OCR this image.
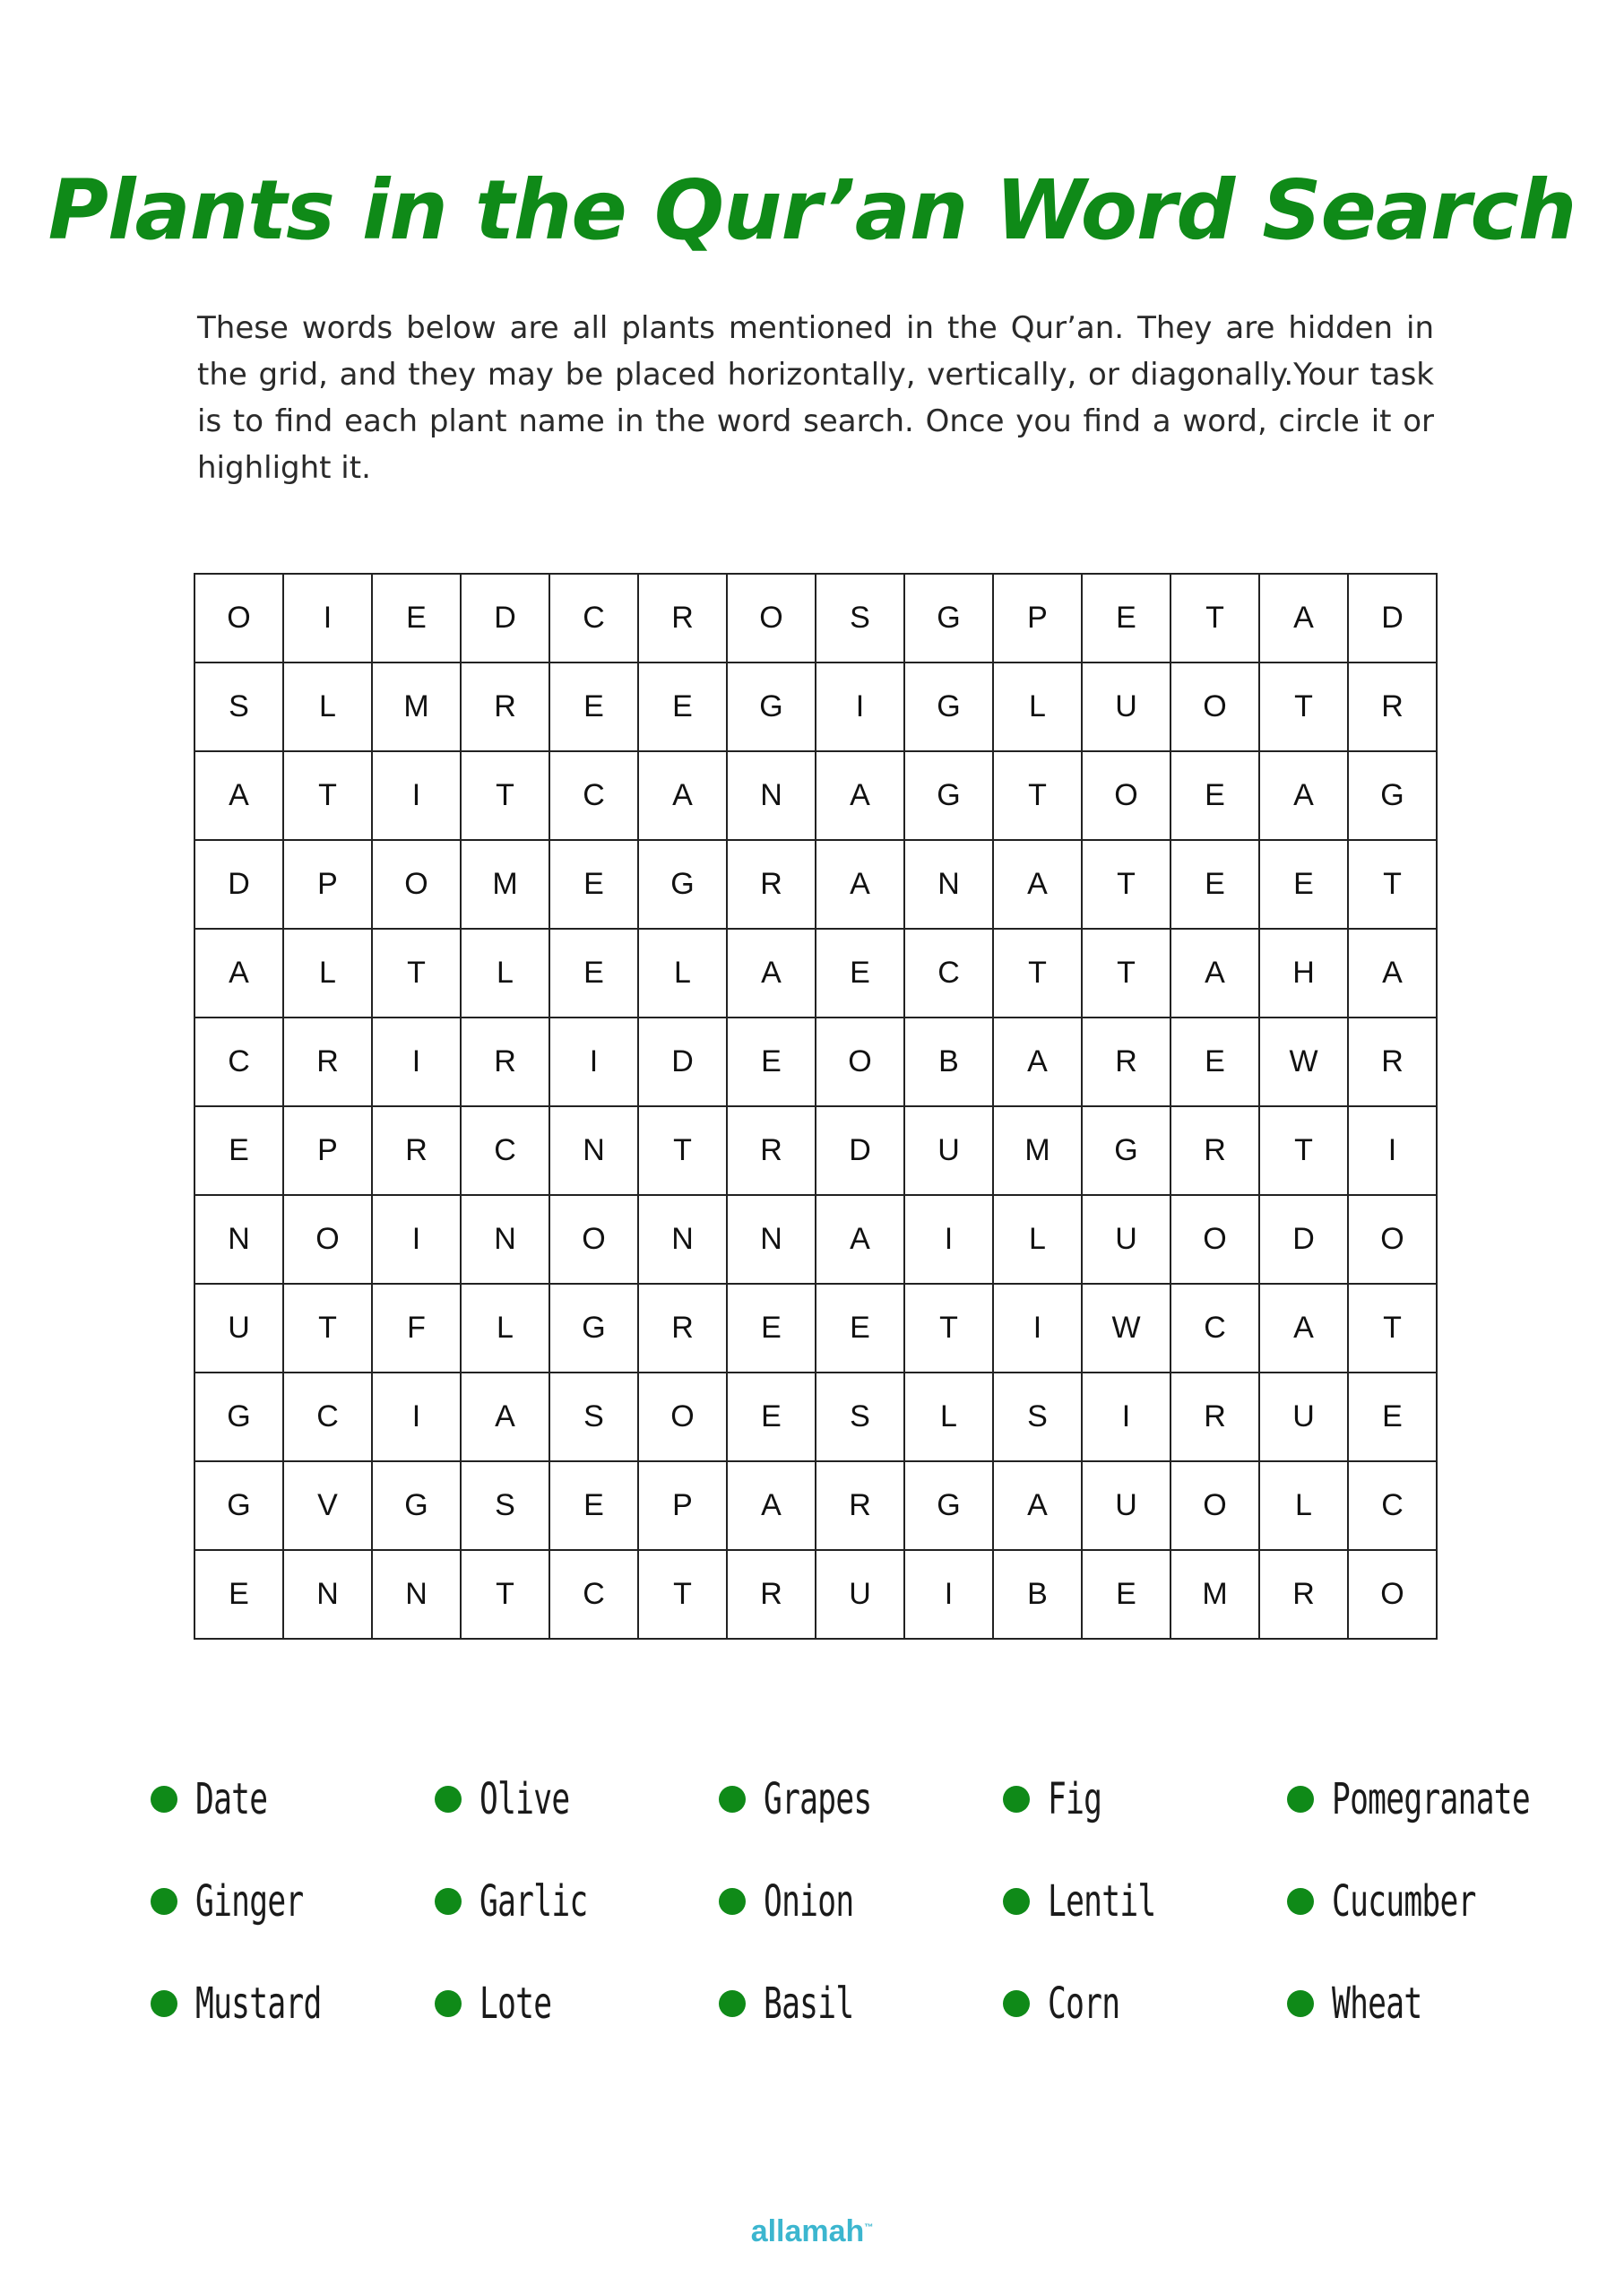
Plants in the Qur’an Word Search
These words below are all plants mentioned in the Qur’an. They are hidden in the grid, and they may be placed horizontally, vertically, or diagonally.Your task is to find each plant name in the word search. Once you find a word, circle it or highlight it.
O	I	E	D	C	R	O	S	G	P	E	T	A	D
S	L	M	R	E	E	G	I	G	L	U	O	T	R
A	T	I	T	C	A	N	A	G	T	O	E	A	G
D	P	O	M	E	G	R	A	N	A	T	E	E	T
A	L	T	L	E	L	A	E	C	T	T	A	H	A
C	R	I	R	I	D	E	O	B	A	R	E	W	R
E	P	R	C	N	T	R	D	U	M	G	R	T	I
N	O	I	N	O	N	N	A	I	L	U	O	D	O
U	T	F	L	G	R	E	E	T	I	W	C	A	T
G	C	I	A	S	O	E	S	L	S	I	R	U	E
G	V	G	S	E	P	A	R	G	A	U	O	L	C
E	N	N	T	C	T	R	U	I	B	E	M	R	O
Date	Olive	Grapes	Fig	Pomegranate
Ginger	Garlic	Onion	Lentil	Cucumber
Mustard	Lote	Basil	Corn	Wheat
allamah™
